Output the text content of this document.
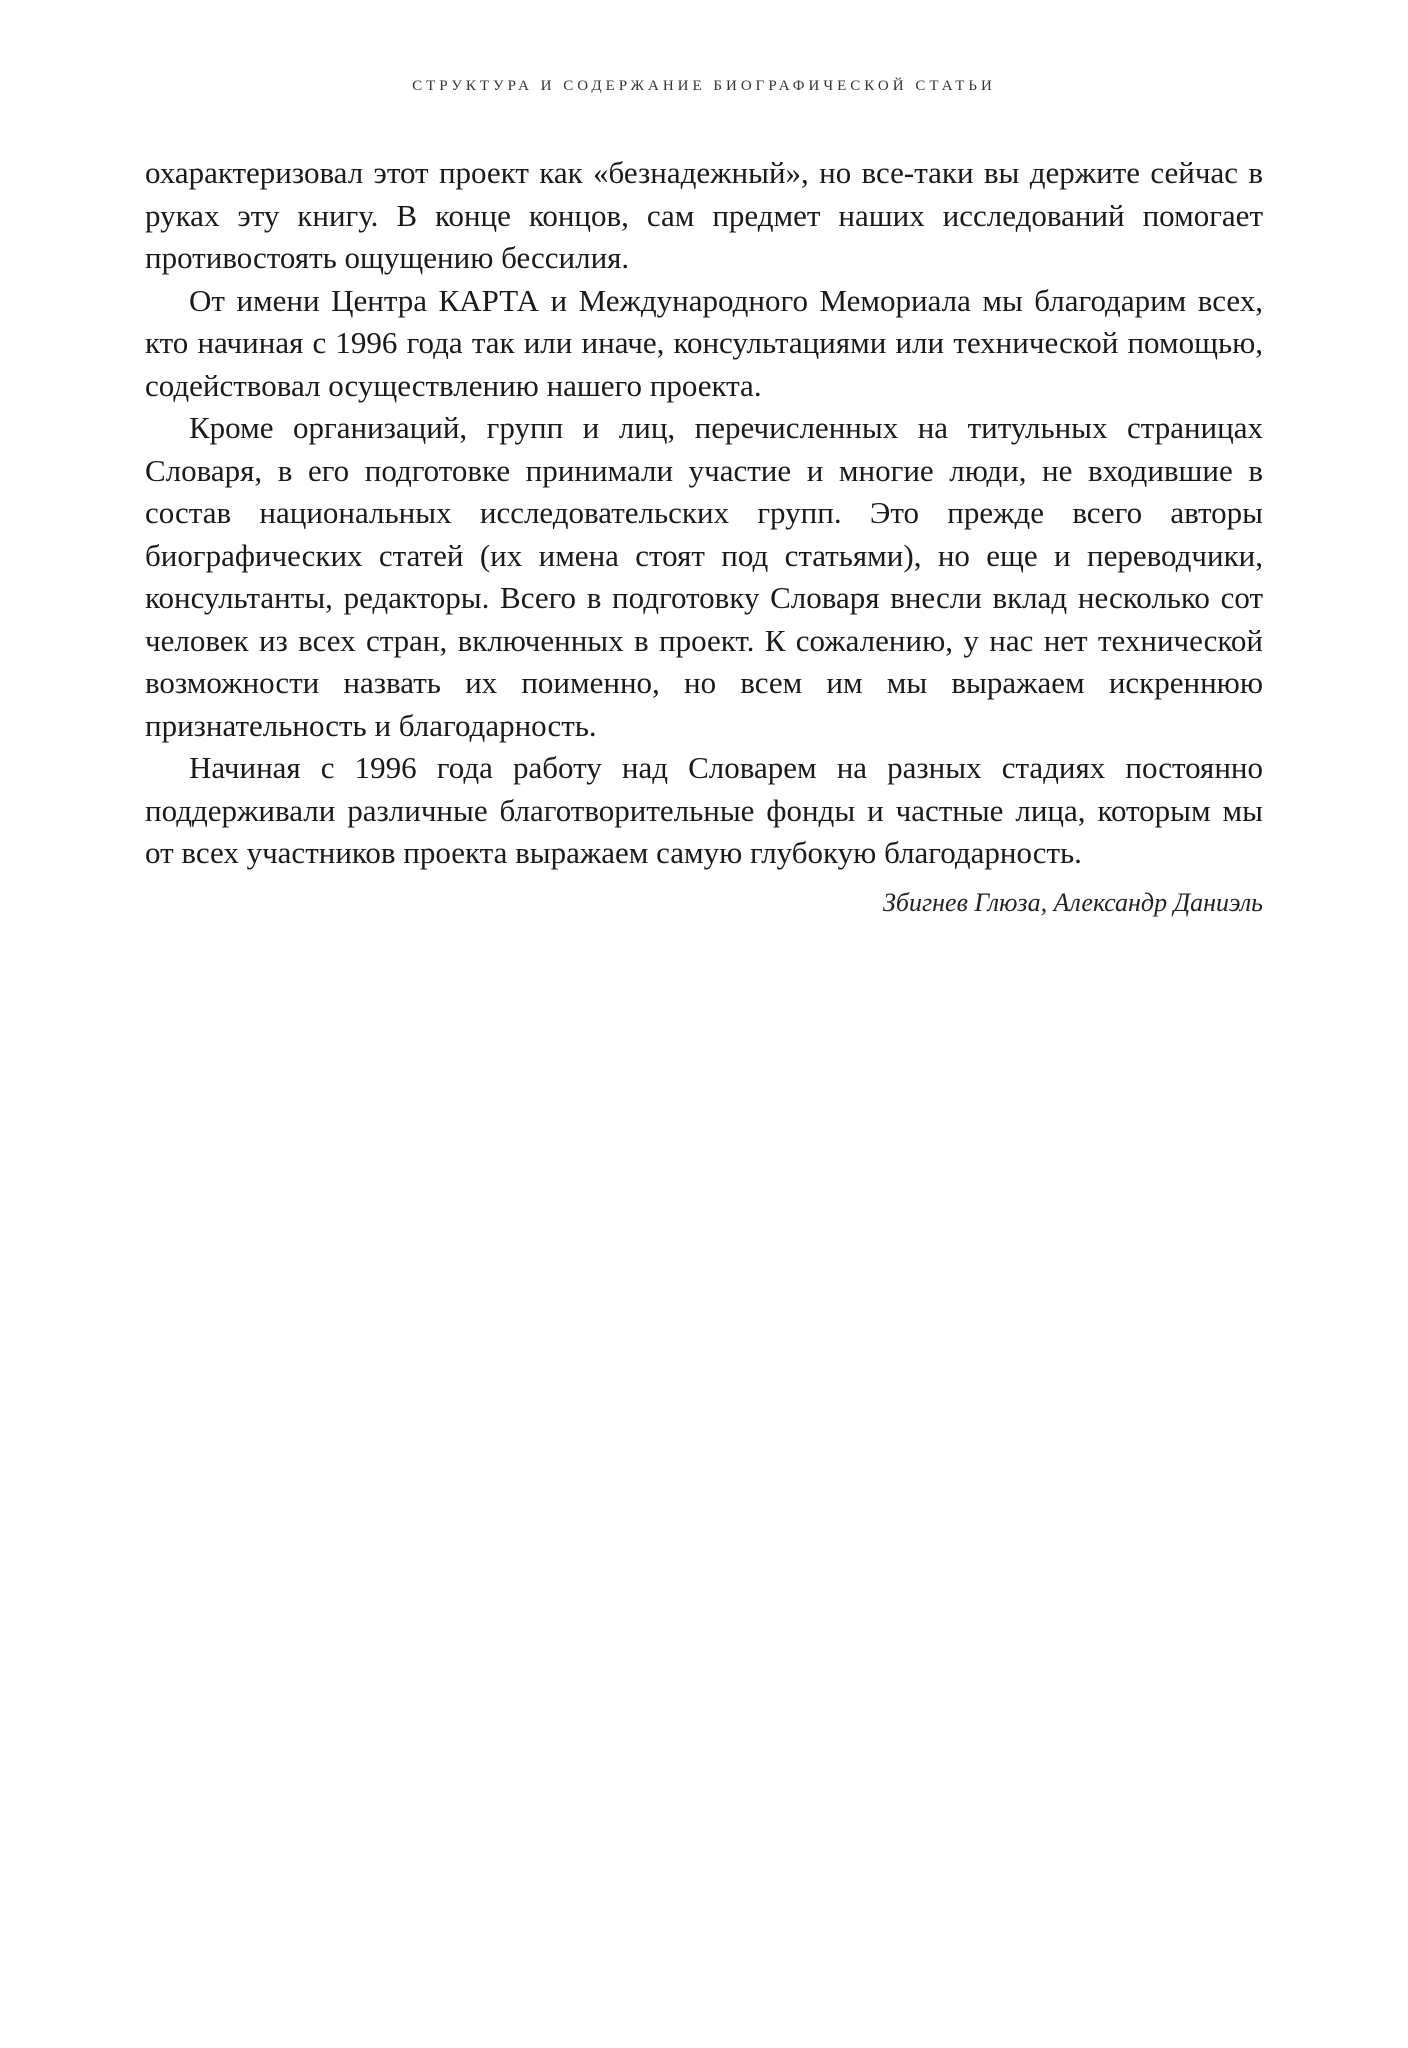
СТРУКТУРА И СОДЕРЖАНИЕ БИОГРАФИЧЕСКОЙ СТАТЬИ

охарактеризовал этот проект как «безнадежный», но все-таки вы держите сейчас в руках эту книгу. В конце концов, сам предмет наших исследований помогает противостоять ощущению бессилия.

От имени Центра КАРТА и Международного Мемориала мы благодарим всех, кто начиная с 1996 года так или иначе, консультациями или технической помощью, содействовал осуществлению нашего проекта.

Кроме организаций, групп и лиц, перечисленных на титульных страницах Словаря, в его подготовке принимали участие и многие люди, не входившие в состав национальных исследовательских групп. Это прежде всего авторы биографических статей (их имена стоят под статьями), но еще и переводчики, консультанты, редакторы. Всего в подготовку Словаря внесли вклад несколько сот человек из всех стран, включенных в проект. К сожалению, у нас нет технической возможности назвать их поименно, но всем им мы выражаем искреннюю признательность и благодарность.

Начиная с 1996 года работу над Словарем на разных стадиях постоянно поддерживали различные благотворительные фонды и частные лица, которым мы от всех участников проекта выражаем самую глубокую благодарность.

Збигнев Глюза, Александр Даниэль
